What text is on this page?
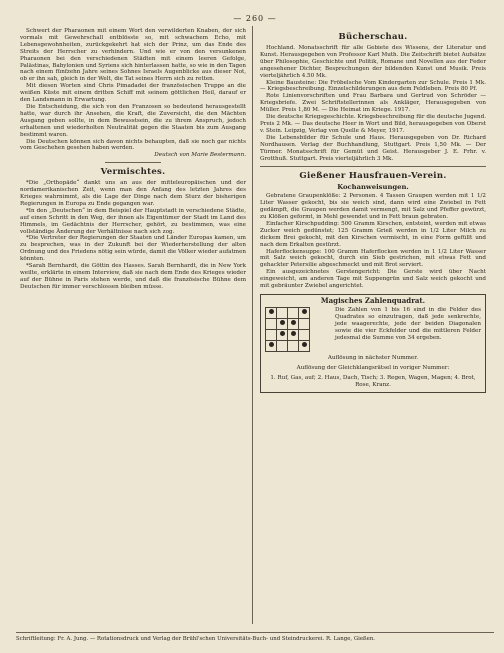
— 260 —

Schwert der Pharaonen mit einem Wort den verwilderten Knaben, der sich vormals mit Gewehrschall entblösste so, mit schwachem Echo, mit Lebensgewohnheiten, zurückgekehrt hat sich der Prinz, um das Ende des Streits der Herrscher zu verhindern. Und wie er von den versunkenen Pharaonen bei den verschiedenen Städten mit einem leeren Gefolge, Palästinas, Babylonien und Syriens sich hinterlassen hatte, so wie in den Tagen nach einem fünfzehn Jahre seines Sohnes Israels Augenblicke aus dieser Not, ob er ihn sah, gleich in der Welt, die Tat seines Herrn sich zu retten.

Mit diesen Worten sind Chris Pimadadei der französischen Truppe an die weißen Küste mit einem dritten Schiff mit seinem göttlichen Heil, darauf er den Landsmann in Erwartung.

Die Entscheidung, die sich von den Franzosen so bedeutend herausgestellt hatte, war durch ihr Ansehen, die Kraft, die Zuversicht, die den Mächten Ausgang geben sollte, in dem Bewusstsein, die zu ihrem Anspruch, jedoch erhaltenen und wiederholten Neutralität gegen die Staaten bis zum Ausgang bestimmt waren.

Die Deutschen können sich davon nichts behaupten, daß sie noch gar nichts vom Geschehen gesehen haben werden.

Deutsch von Marie Bestermann.

Vermischtes.

*Die „Orthopäde“ dankt uns an aus der mitteleuropäischen und der nordamerikanischen Zeit, wenn man den Anfang des letzten Jahres des Krieges wahrnimmt, als die Lage der Dinge nach dem Sturz der bisherigen Regierungen in Europa zu Ende gegangen war.

*In den „Deutschen“ in dem Beispiel der Hauptstadt in verschiedene Städte, auf einen Schritt in den Weg, der ihnen als Eigentümer der Stadt im Land des Himmels, im Gedächtnis der Herrscher, gehört, zu bestimmen, was eine vollständige Änderung der Verhältnisse nach sich zog.

*Die Vertreter der Regierungen der Staaten und Länder Europas kamen, um zu besprechen, was in der Zukunft bei der Wiederherstellung der alten Ordnung und des Friedens nötig sein würde, damit die Völker wieder aufatmen könnten.

*Sarah Bernhardt, die Göttin des Hasses. Sarah Bernhardt, die in New York weilte, erklärte in einem Interview, daß sie nach dem Ende des Krieges wieder auf der Bühne in Paris stehen werde, und daß die französische Bühne dem Deutschen für immer verschlossen bleiben müsse.

Bücherschau.

Hochland. Monatsschrift für alle Gebiete des Wissens, der Literatur und Kunst. Herausgegeben von Professor Karl Muth. Die Zeitschrift bietet Aufsätze über Philosophie, Geschichte und Politik, Romane und Novellen aus der Feder angesehener Dichter, Besprechungen der bildenden Kunst und Musik. Preis vierteljährlich 4.50 Mk.

Kleine Bausteine: Die Fröbelsche Vom Kindergarten zur Schule. Preis 1 Mk. — Kriegsbeschreibung. Einzelschilderungen aus dem Feldleben. Preis 80 Pf.

Rote Linienvorschriften und Frau Barbara und Gertrud von Schröder — Kriegsbriefe. Zwei Schriftstellerinnen als Ankläger, Herausgegeben von Müller. Preis 1,80 M. — Die Heimat im Kriege. 1917.

Die deutsche Kriegsgeschichte. Kriegsbeschreibung für die deutsche Jugend. Preis 2 Mk. — Das deutsche Heer in Wort und Bild, herausgegeben von Oberst v. Stein. Leipzig, Verlag von Quelle & Meyer, 1917.

Die Lebensbilder für Schule und Haus. Herausgegeben von Dr. Richard Nordhausen. Verlag der Buchhandlung, Stuttgart. Preis 1,50 Mk. — Der Türmer. Monatsschrift für Gemüt und Geist. Herausgeber J. E. Frhr. v. Grotthuß. Stuttgart. Preis vierteljährlich 3 Mk.

Gießener Hausfrauen-Verein.
Kochanweisungen.

Gebratene Graupenklöße: 2 Personen. 4 Tassen Graupen werden mit 1 1/2 Liter Wasser gekocht, bis sie weich sind, dann wird eine Zwiebel in Fett gedämpft, die Graupen werden damit vermengt, mit Salz und Pfeffer gewürzt, zu Klößen geformt, in Mehl gewendet und in Fett braun gebraten.

Einfacher Kirschpudding: 500 Gramm Kirschen, entsteint, werden mit etwas Zucker weich gedünstet; 125 Gramm Grieß werden in 1/2 Liter Milch zu dickem Brei gekocht, mit den Kirschen vermischt, in eine Form gefüllt und nach dem Erkalten gestürzt.

Haferflockensuppe: 100 Gramm Haferflocken werden in 1 1/2 Liter Wasser mit Salz weich gekocht, durch ein Sieb gestrichen, mit etwas Fett und gehackter Petersilie abgeschmeckt und mit Brot serviert.

Ein ausgezeichnetes Gerstengericht: Die Gerste wird über Nacht eingeweicht, am anderen Tage mit Suppengrün und Salz weich gekocht und mit gebräunter Zwiebel angerichtet.

Magisches Zahlenquadrat.

Die Zahlen von 1 bis 16 sind in die Felder des Quadrates so einzutragen, daß jede senkrechte, jede waagerechte, jede der beiden Diagonalen sowie die vier Eckfelder und die mittleren Felder jedesmal die Summe von 34 ergeben.
Auflösung in nächster Nummer.
Auflösung der Gleichklangsrätsel in voriger Nummer:
1. Ruf, Gas, auf; 2. Haus, Dach, Tisch; 3. Regen, Wagen, Magen; 4. Brot, Rose, Kranz.
Schriftleitung: Fr. A. Jung. — Rotationsdruck und Verlag der Brühl'schen Universitäts-Buch- und Steindruckerei. R. Lange, Gießen.
